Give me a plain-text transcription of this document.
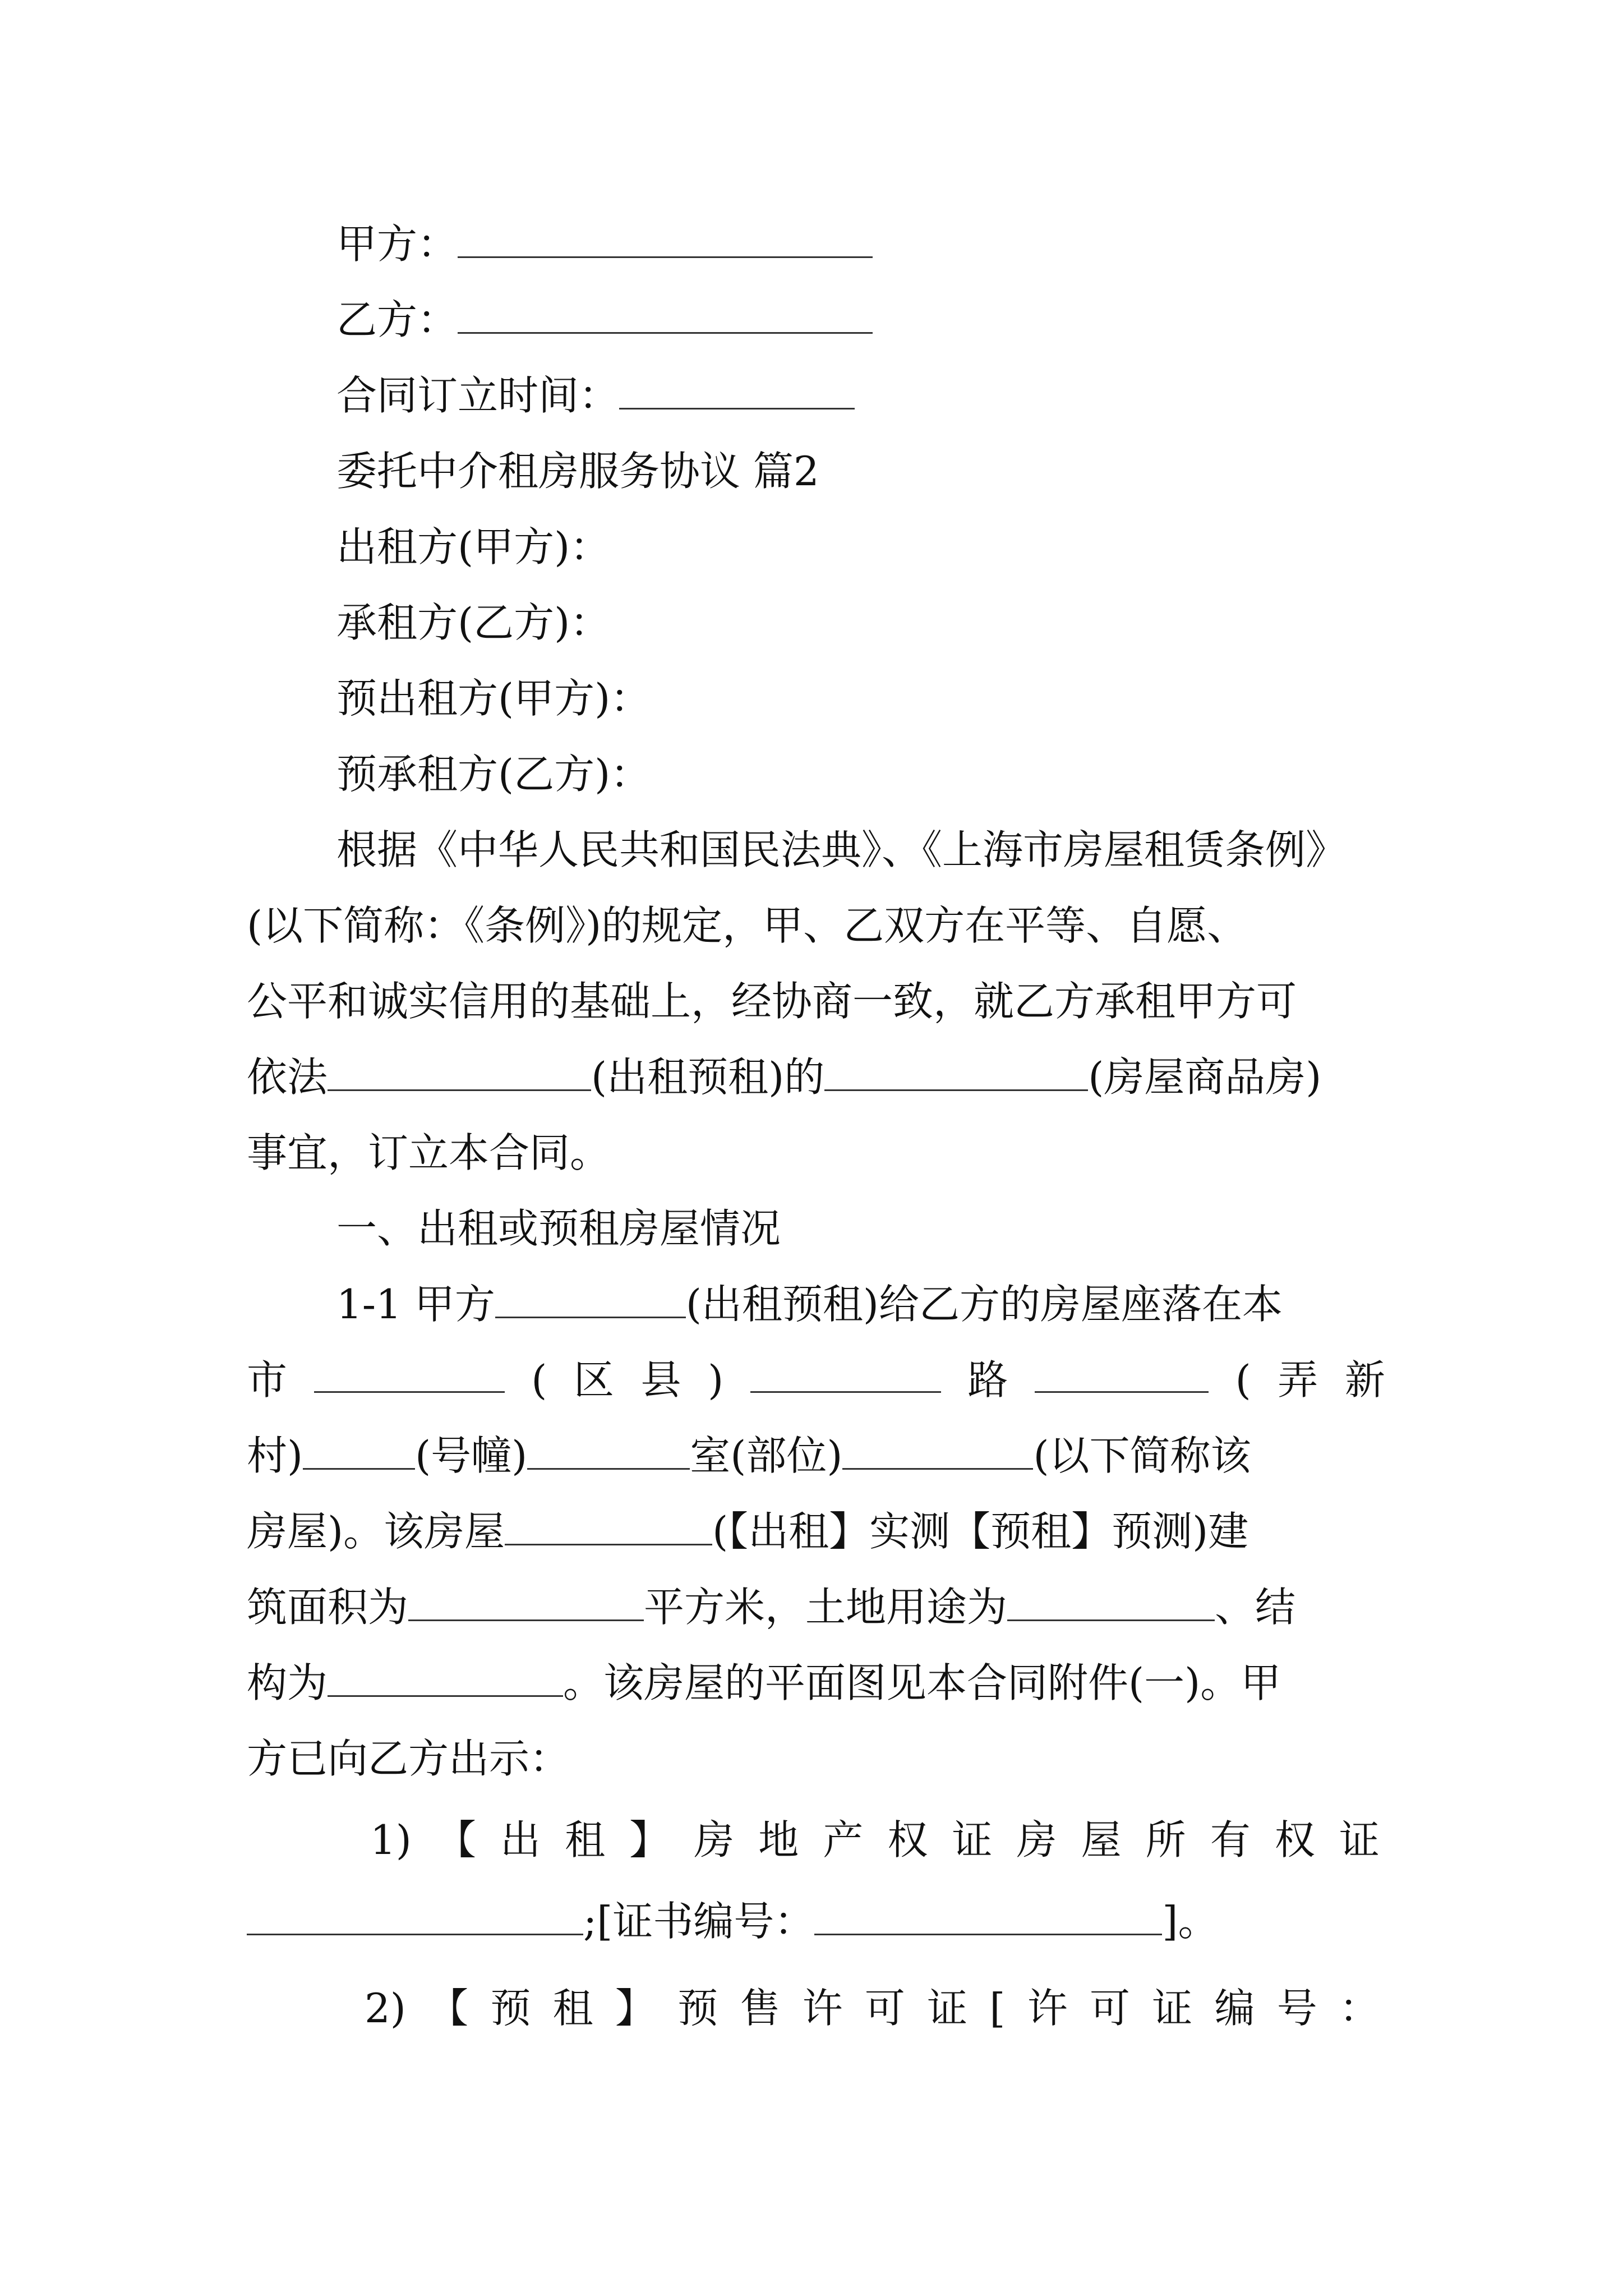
甲方：
乙方：
合同订立时间：
委托中介租房服务协议 篇2
出租方(甲方)：
承租方(乙方)：
预出租方(甲方)：
预承租方(乙方)：
根据《中华人民共和国民法典》、《上海市房屋租赁条例》
(以下简称：《条例》)的规定，甲、乙双方在平等、自愿、
公平和诚实信用的基础上，经协商一致，就乙方承租甲方可
依法	(出租预租)的	(房屋商品房)
事宜，订立本合同。
一、出租或预租房屋情况
1-1 甲方	(出租预租)给乙方的房屋座落在本
市	( 区 县 )	路	( 弄 新
村)	(号幢)	室(部位)	(以下简称该
房屋)。该房屋	(【出租】实测【预租】预测)建
筑面积为	平方米，土地用途为	、结
构为	。该房屋的平面图见本合同附件(一)。甲
方已向乙方出示：
1) 【 出 租 】 房 地 产 权 证 房 屋 所 有 权 证
;[证书编号：	]。
2) 【 预 租 】 预 售 许 可 证 [ 许 可 证 编 号 ：
